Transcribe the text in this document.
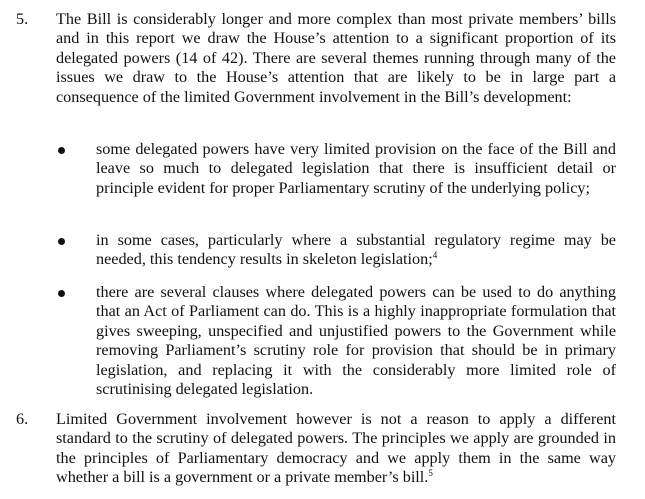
5. The Bill is considerably longer and more complex than most private members’ bills and in this report we draw the House’s attention to a significant proportion of its delegated powers (14 of 42). There are several themes running through many of the issues we draw to the House’s attention that are likely to be in large part a consequence of the limited Government involvement in the Bill’s development:
some delegated powers have very limited provision on the face of the Bill and leave so much to delegated legislation that there is insufficient detail or principle evident for proper Parliamentary scrutiny of the underlying policy;
in some cases, particularly where a substantial regulatory regime may be needed, this tendency results in skeleton legislation;$^4$
there are several clauses where delegated powers can be used to do anything that an Act of Parliament can do. This is a highly inappropriate formulation that gives sweeping, unspecified and unjustified powers to the Government while removing Parliament’s scrutiny role for provision that should be in primary legislation, and replacing it with the considerably more limited role of scrutinising delegated legislation.
6. Limited Government involvement however is not a reason to apply a different standard to the scrutiny of delegated powers. The principles we apply are grounded in the principles of Parliamentary democracy and we apply them in the same way whether a bill is a government or a private member’s bill.$^5$
